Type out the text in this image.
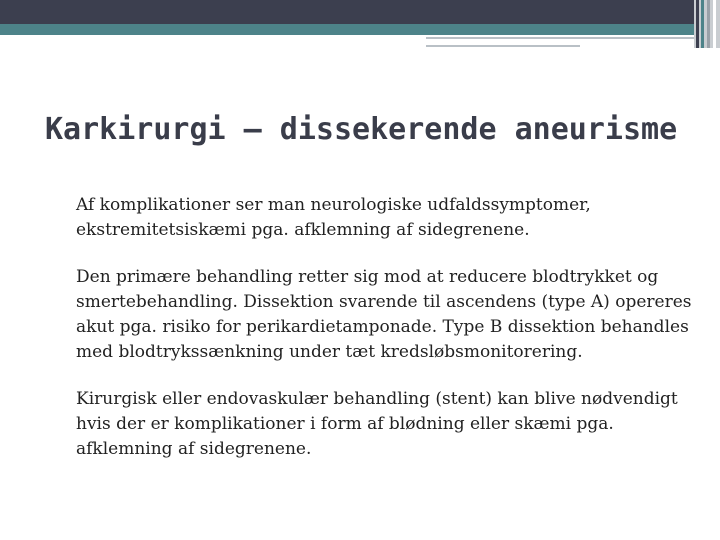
Karkirurgi – dissekerende aneurisme

Af komplikationer ser man neurologiske udfaldssymptomer, ekstremitetsiskæmi pga. afklemning af sidegrenene.

Den primære behandling retter sig mod at reducere blodtrykket og smertebehandling. Dissektion svarende til ascendens (type A) opereres akut pga. risiko for perikardietamponade. Type B dissektion behandles med blodtrykssænkning under tæt kredsløbsmonitorering.

Kirurgisk eller endovaskulær behandling (stent) kan blive nødvendigt hvis der er komplikationer i form af blødning eller skæmi pga. afklemning af sidegrenene.
